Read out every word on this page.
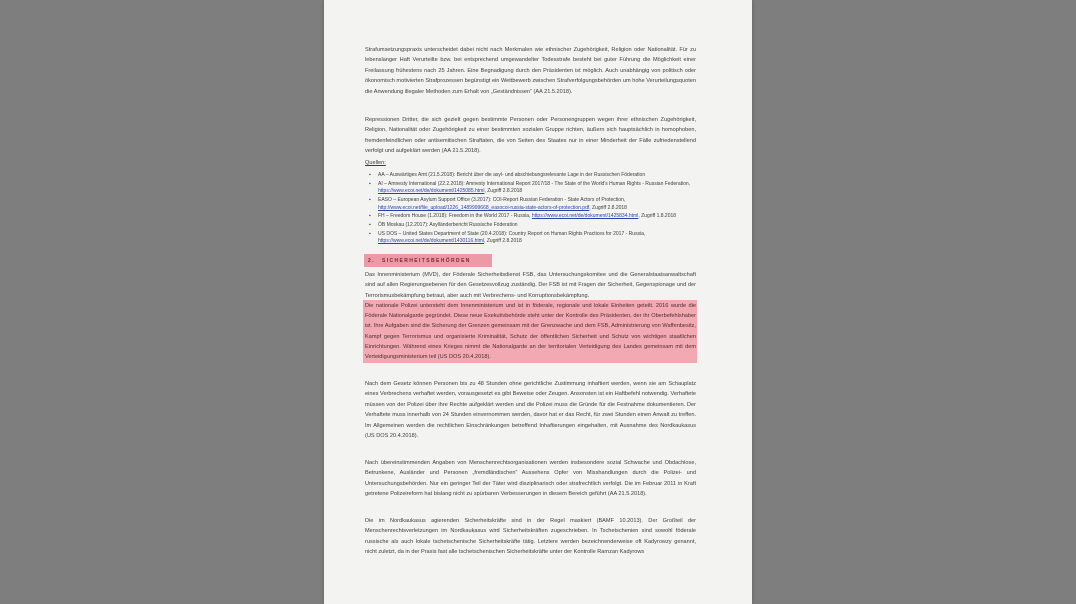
Strafumsetzungspraxis unterscheidet dabei nicht nach Merkmalen wie ethnischer Zugehörigkeit, Religion oder Nationalität. Für zu lebenslanger Haft Verurteilte bzw. bei entsprechend umgewandelter Todesstrafe besteht bei guter Führung die Möglichkeit einer Freilassung frühestens nach 25 Jahren. Eine Begnadigung durch den Präsidenten ist möglich. Auch unabhängig von politisch oder ökonomisch motivierten Strafprozessen begünstigt ein Wettbewerb zwischen Strafverfolgungsbehörden um hohe Verurteilungsquoten die Anwendung illegaler Methoden zum Erhalt von „Geständnissen“ (AA 21.5.2018).

Repressionen Dritter, die sich gezielt gegen bestimmte Personen oder Personengruppen wegen ihrer ethnischen Zugehörigkeit, Religion, Nationalität oder Zugehörigkeit zu einer bestimmten sozialen Gruppe richten, äußern sich hauptsächlich in homophoben, fremdenfeindlichen oder antisemitischen Straftaten, die von Seiten des Staates nur in einer Minderheit der Fälle zufriedenstellend verfolgt und aufgeklärt werden (AA 21.5.2018).

Quellen:

▪ AA – Auswärtiges Amt (21.5.2018): Bericht über die asyl- und abschiebungsrelevante Lage in der Russischen Föderation
▪ AI – Amnesty International (22.2.2018): Amnesty International Report 2017/18 - The State of the World's Human Rights - Russian Federation, https://www.ecoi.net/de/dokument/1425085.html, Zugriff 2.8.2018
▪ EASO – European Asylum Support Office (3.2017): COI-Report Russian Federation - State Actors of Protection, http://www.ecoi.net/file_upload/1226_1489999668_easocoi-russia-state-actors-of-protection.pdf, Zugriff 2.8.2018
▪ FH – Freedom House (1.2018): Freedom in the World 2017 - Russia, https://www.ecoi.net/de/dokument/1425834.html, Zugriff 1.8.2018
▪ ÖB Moskau (12.2017): Asylländerbericht Russische Föderation
▪ US DOS – United States Department of State (20.4.2018): Country Report on Human Rights Practices for 2017 - Russia, https://www.ecoi.net/de/dokument/1430116.html, Zugriff 2.8.2018
2. SICHERHEITSBEHÖRDEN

Das Innenministerium (MVD), der Föderale Sicherheitsdienst FSB, das Untersuchungskomitee und die Generalstaatsanwaltschaft sind auf allen Regierungsebenen für den Gesetzesvollzug zuständig. Der FSB ist mit Fragen der Sicherheit, Gegenspionage und der Terrorismusbekämpfung betraut, aber auch mit Verbrechens- und Korruptionsbekämpfung.

Die nationale Polizei untersteht dem Innenministerium und ist in föderale, regionale und lokale Einheiten geteilt. 2016 wurde die Föderale Nationalgarde gegründet. Diese neue Exekutivbehörde steht unter der Kontrolle des Präsidenten, der ihr Oberbefehlshaber ist. Ihre Aufgaben sind die Sicherung der Grenzen gemeinsam mit der Grenzwache und dem FSB, Administrierung von Waffenbesitz, Kampf gegen Terrorismus und organisierte Kriminalität, Schutz der öffentlichen Sicherheit und Schutz von wichtigen staatlichen Einrichtungen. Während eines Krieges nimmt die Nationalgarde an der territorialen Verteidigung des Landes gemeinsam mit dem Verteidigungsministerium teil (US DOS 20.4.2018).

Nach dem Gesetz können Personen bis zu 48 Stunden ohne gerichtliche Zustimmung inhaftiert werden, wenn sie am Schauplatz eines Verbrechens verhaftet werden, vorausgesetzt es gibt Beweise oder Zeugen. Ansonsten ist ein Haftbefehl notwendig. Verhaftete müssen von der Polizei über ihre Rechte aufgeklärt werden und die Polizei muss die Gründe für die Festnahme dokumentieren. Der Verhaftete muss innerhalb von 24 Stunden einvernommen werden, davor hat er das Recht, für zwei Stunden einen Anwalt zu treffen. Im Allgemeinen werden die rechtlichen Einschränkungen betreffend Inhaftierungen eingehalten, mit Ausnahme des Nordkaukasus (US DOS 20.4.2018).

Nach übereinstimmenden Angaben von Menschenrechtsorganisationen werden insbesondere sozial Schwache und Obdachlose, Betrunkene, Ausländer und Personen „fremdländischen“ Aussehens Opfer von Misshandlungen durch die Polizei- und Untersuchungsbehörden. Nur ein geringer Teil der Täter wird disziplinarisch oder strafrechtlich verfolgt. Die im Februar 2011 in Kraft getretene Polizeireform hat bislang nicht zu spürbaren Verbesserungen in diesem Bereich geführt (AA 21.5.2018).

Die im Nordkaukasus agierenden Sicherheitskräfte sind in der Regel maskiert (BAMF 10.2013). Der Großteil der Menschenrechtsverletzungen im Nordkaukasus wird Sicherheitskräften zugeschrieben. In Tschetschenien sind sowohl föderale russische als auch lokale tschetschenische Sicherheitskräfte tätig. Letztere werden bezeichnenderweise oft Kadyrowzy genannt, nicht zuletzt, da in der Praxis fast alle tschetschenischen Sicherheitskräfte unter der Kontrolle Ramzan Kadyrows
